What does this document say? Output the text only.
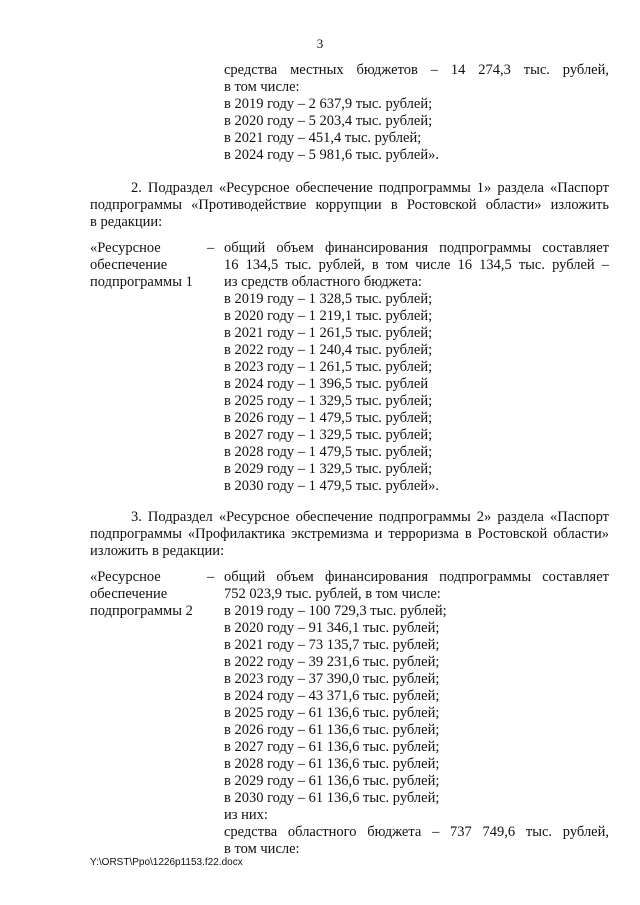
3
средства местных бюджетов – 14 274,3 тыс. рублей,
в том числе:
в 2019 году – 2 637,9 тыс. рублей;
в 2020 году – 5 203,4 тыс. рублей;
в 2021 году – 451,4 тыс. рублей;
в 2024 году – 5 981,6 тыс. рублей».
2. Подраздел «Ресурсное обеспечение подпрограммы 1» раздела «Паспорт
подпрограммы «Противодействие коррупции в Ростовской области» изложить
в редакции:
«Ресурсное
обеспечение
подпрограммы 1
– общий объем финансирования подпрограммы составляет
16 134,5 тыс. рублей, в том числе 16 134,5 тыс. рублей –
из средств областного бюджета:
в 2019 году – 1 328,5 тыс. рублей;
в 2020 году – 1 219,1 тыс. рублей;
в 2021 году – 1 261,5 тыс. рублей;
в 2022 году – 1 240,4 тыс. рублей;
в 2023 году – 1 261,5 тыс. рублей;
в 2024 году – 1 396,5 тыс. рублей
в 2025 году – 1 329,5 тыс. рублей;
в 2026 году – 1 479,5 тыс. рублей;
в 2027 году – 1 329,5 тыс. рублей;
в 2028 году – 1 479,5 тыс. рублей;
в 2029 году – 1 329,5 тыс. рублей;
в 2030 году – 1 479,5 тыс. рублей».
3. Подраздел «Ресурсное обеспечение подпрограммы 2» раздела «Паспорт
подпрограммы «Профилактика экстремизма и терроризма в Ростовской области»
изложить в редакции:
«Ресурсное
обеспечение
подпрограммы 2
– общий объем финансирования подпрограммы составляет
752 023,9 тыс. рублей, в том числе:
в 2019 году – 100 729,3 тыс. рублей;
в 2020 году – 91 346,1 тыс. рублей;
в 2021 году – 73 135,7 тыс. рублей;
в 2022 году – 39 231,6 тыс. рублей;
в 2023 году – 37 390,0 тыс. рублей;
в 2024 году – 43 371,6 тыс. рублей;
в 2025 году – 61 136,6 тыс. рублей;
в 2026 году – 61 136,6 тыс. рублей;
в 2027 году – 61 136,6 тыс. рублей;
в 2028 году – 61 136,6 тыс. рублей;
в 2029 году – 61 136,6 тыс. рублей;
в 2030 году – 61 136,6 тыс. рублей;
из них:
средства областного бюджета – 737 749,6 тыс. рублей,
в том числе:
Y:\ORST\Ppo\1226p1153.f22.docx
